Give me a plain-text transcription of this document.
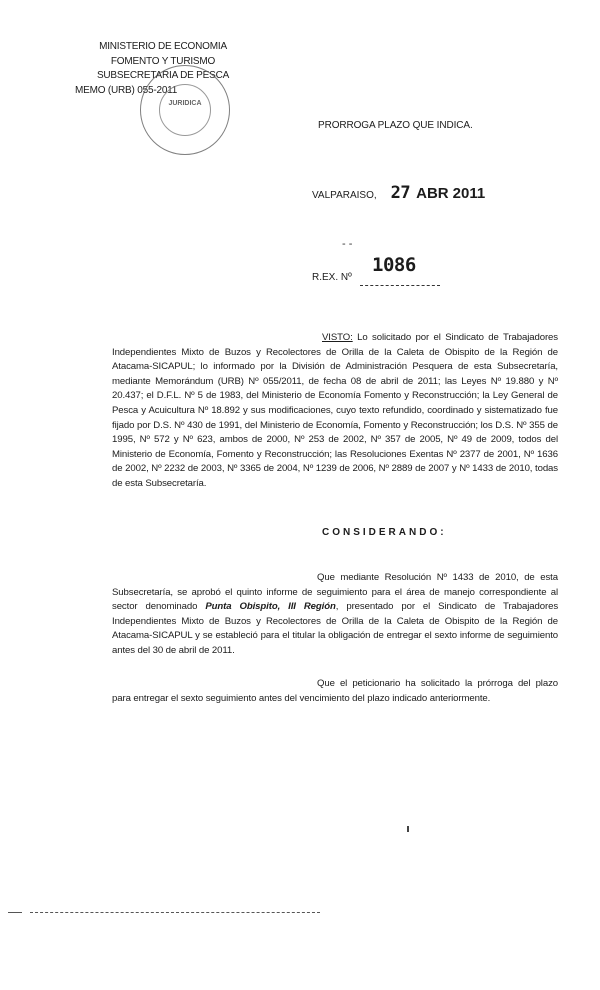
MINISTERIO DE ECONOMIA
FOMENTO Y TURISMO
SUBSECRETARIA DE PESCA
MEMO (URB) 055-2011
JURIDICA
PRORROGA PLAZO QUE INDICA.
VALPARAISO, 27 ABR 2011
- -
1086
R.EX. Nº
VISTO: Lo solicitado por el Sindicato de Trabajadores Independientes Mixto de Buzos y Recolectores de Orilla de la Caleta de Obispito de la Región de Atacama-SICAPUL; lo informado por la División de Administración Pesquera de esta Subsecretaría, mediante Memorándum (URB) Nº 055/2011, de fecha 08 de abril de 2011; las Leyes Nº 19.880 y Nº 20.437; el D.F.L. Nº 5 de 1983, del Ministerio de Economía Fomento y Reconstrucción; la Ley General de Pesca y Acuicultura Nº 18.892 y sus modificaciones, cuyo texto refundido, coordinado y sistematizado fue fijado por D.S. Nº 430 de 1991, del Ministerio de Economía, Fomento y Reconstrucción; los D.S. Nº 355 de 1995, Nº 572 y Nº 623, ambos de 2000, Nº 253 de 2002, Nº 357 de 2005, Nº 49 de 2009, todos del Ministerio de Economía, Fomento y Reconstrucción; las Resoluciones Exentas Nº 2377 de 2001, Nº 1636 de 2002, Nº 2232 de 2003, Nº 3365 de 2004, Nº 1239 de 2006, Nº 2889 de 2007 y Nº 1433 de 2010, todas de esta Subsecretaría.
CONSIDERANDO:
Que mediante Resolución Nº 1433 de 2010, de esta Subsecretaría, se aprobó el quinto informe de seguimiento para el área de manejo correspondiente al sector denominado Punta Obispito, III Región, presentado por el Sindicato de Trabajadores Independientes Mixto de Buzos y Recolectores de Orilla de la Caleta de Obispito de la Región de Atacama-SICAPUL y se estableció para el titular la obligación de entregar el sexto informe de seguimiento antes del 30 de abril de 2011.
Que el peticionario ha solicitado la prórroga del plazo para entregar el sexto seguimiento antes del vencimiento del plazo indicado anteriormente.
